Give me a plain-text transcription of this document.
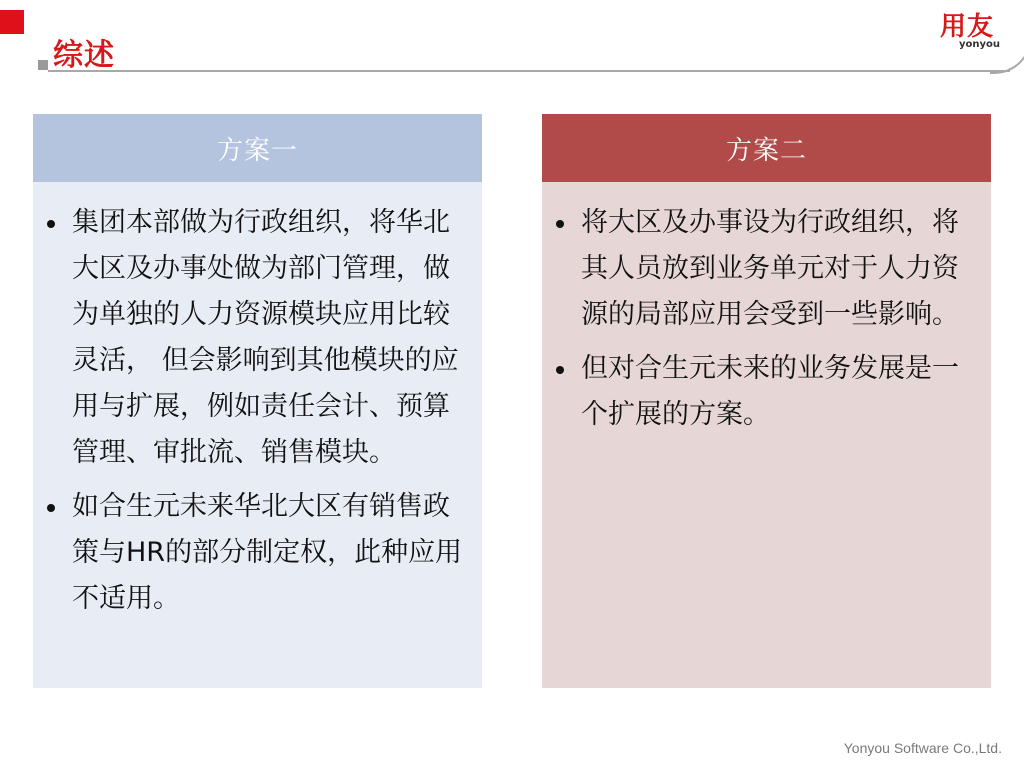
综述
用友
yonyou
方案一
集团本部做为行政组织，将华北大区及办事处做为部门管理，做为单独的人力资源模块应用比较灵活， 但会影响到其他模块的应用与扩展，例如责任会计、预算管理、审批流、销售模块。
如合生元未来华北大区有销售政策与HR的部分制定权，此种应用不适用。
方案二
将大区及办事设为行政组织，将其人员放到业务单元对于人力资源的局部应用会受到一些影响。
但对合生元未来的业务发展是一个扩展的方案。
Yonyou Software Co.,Ltd.
